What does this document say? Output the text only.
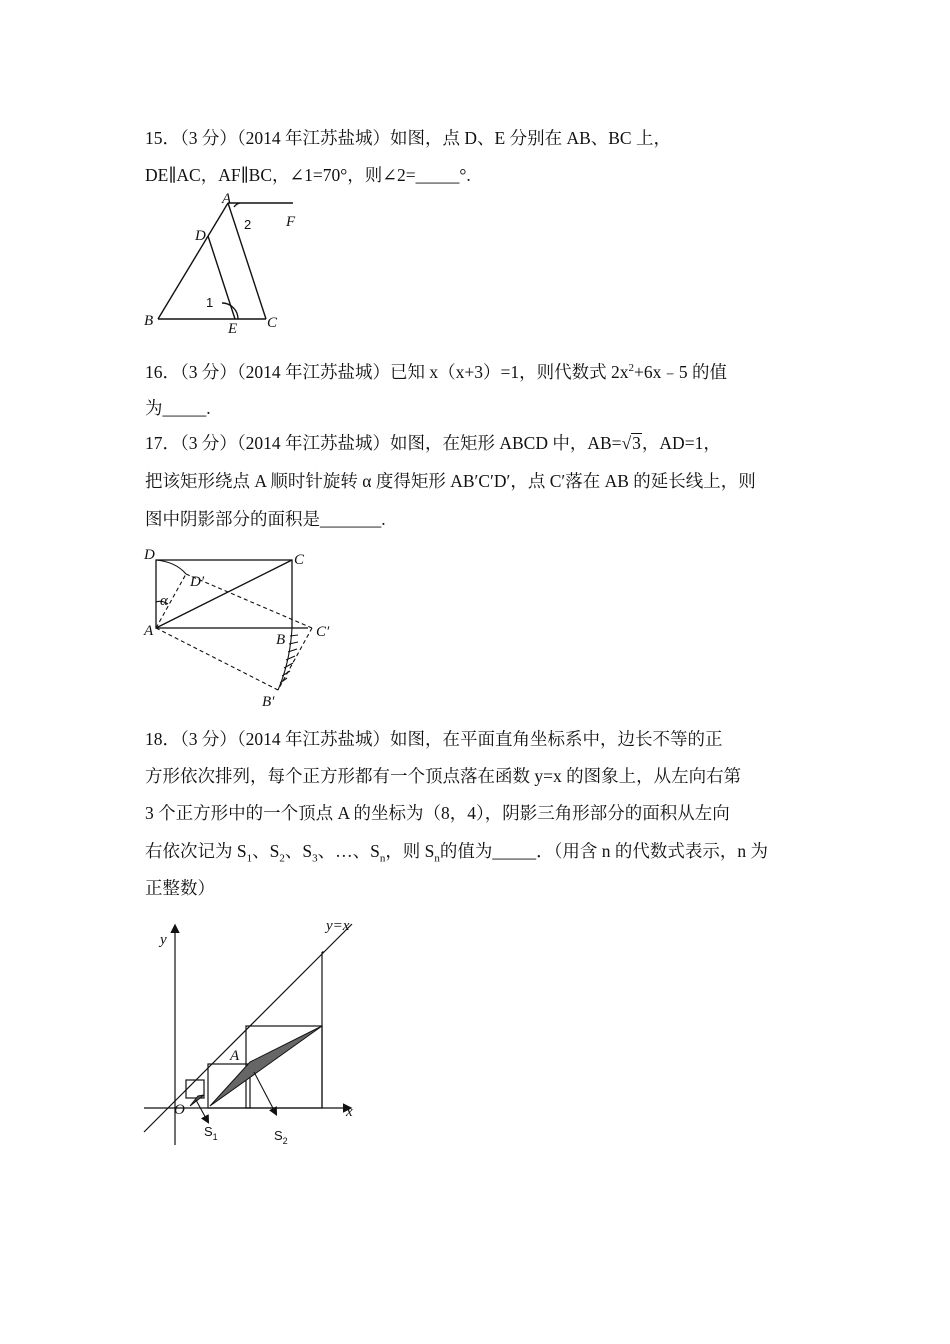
15．（3 分）（2014 年江苏盐城）如图，点 D、E 分别在 AB、BC 上，
DE∥AC，AF∥BC，∠1=70°，则∠2=_____°.
A
D
B	E C
F
2
1
16．（3 分）（2014 年江苏盐城）已知 x（x+3）=1，则代数式 $2x^2+6x﹣5$ 的值
为_____.
17．（3 分）（2014 年江苏盐城）如图，在矩形 ABCD 中，AB=√3，AD=1，
把该矩形绕点 A 顺时针旋转 α 度得矩形 AB′C′D′，点 C′落在 AB 的延长线上，则
图中阴影部分的面积是_______.
D	C
D′
α
A
B C′
B′
18．（3 分）（2014 年江苏盐城）如图，在平面直角坐标系中，边长不等的正
方形依次排列，每个正方形都有一个顶点落在函数 y=x 的图象上，从左向右第
3 个正方形中的一个顶点 A 的坐标为（8，4），阴影三角形部分的面积从左向
右依次记为 $S_1$、$S_2$、$S_3$、…、$S_n$，则 $S_n$的值为_____．（用含 n 的代数式表示，n 为
正整数）
y
x
O
A
y=x
$S_1$	$S_2$
